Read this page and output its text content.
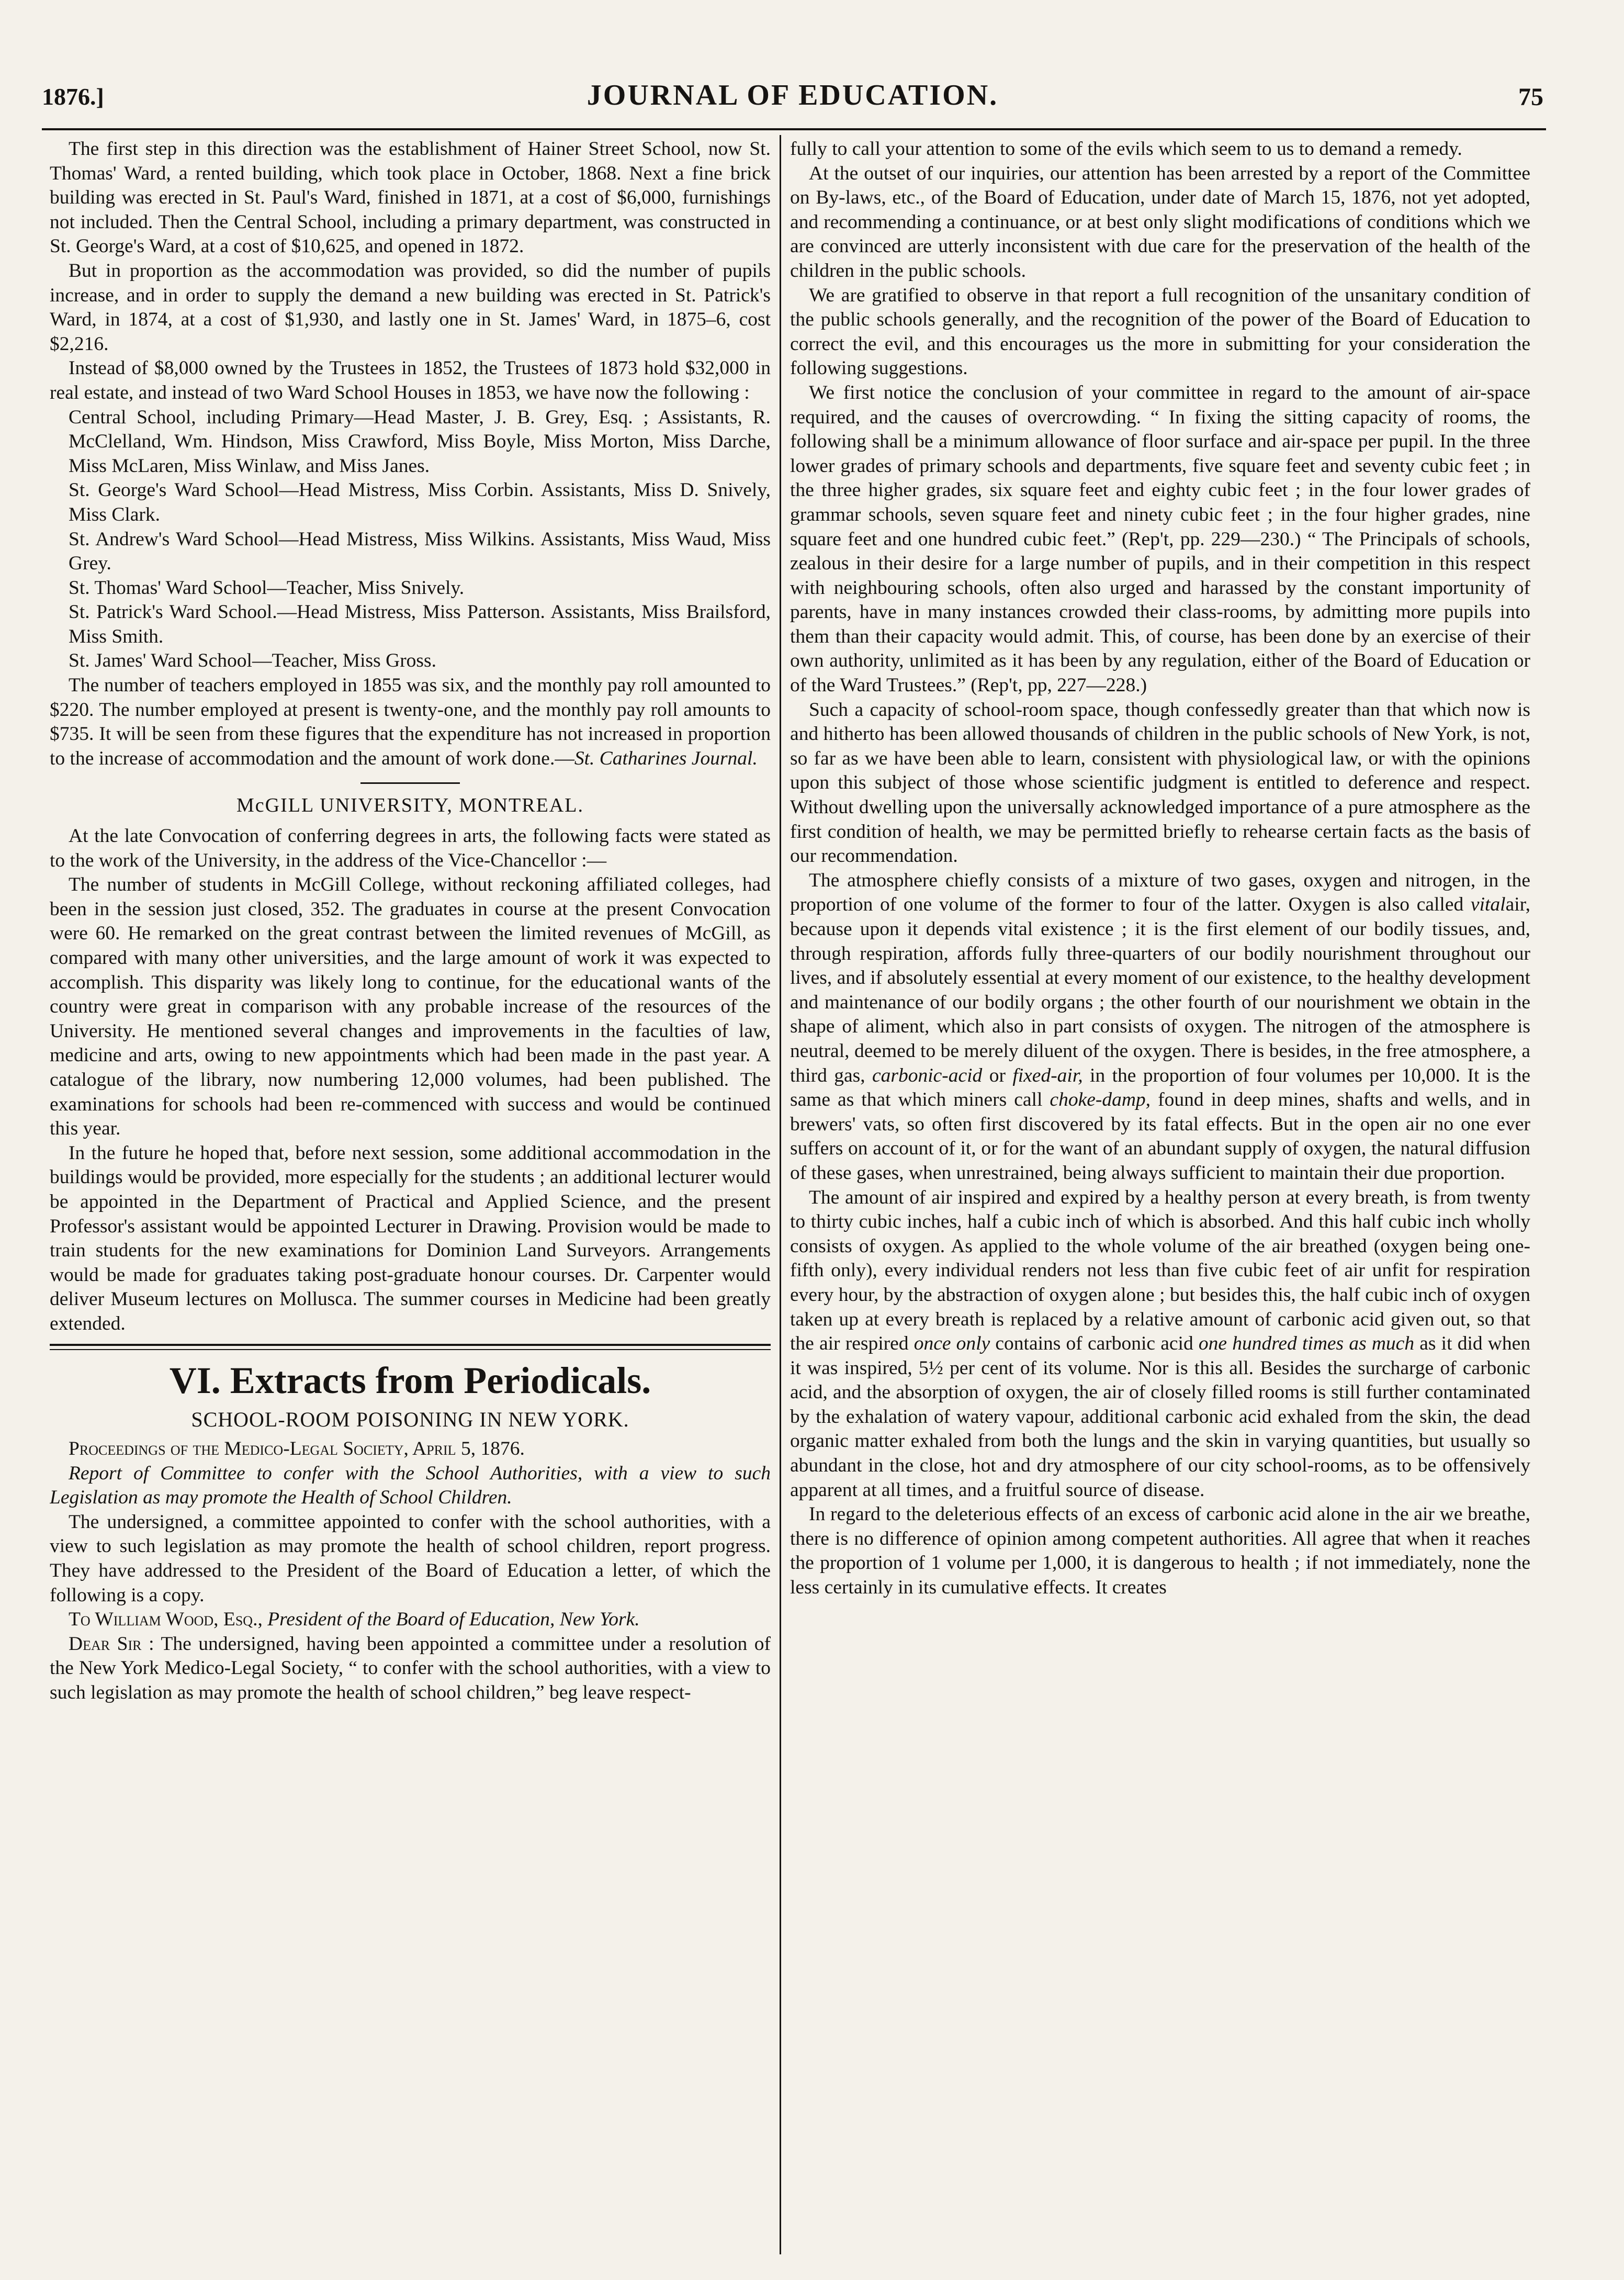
1876.]	JOURNAL OF EDUCATION.	75

The first step in this direction was the establishment of Hainer Street School, now St. Thomas' Ward, a rented building, which took place in October, 1868. Next a fine brick building was erected in St. Paul's Ward, finished in 1871, at a cost of $6,000, furnishings not included. Then the Central School, including a primary department, was constructed in St. George's Ward, at a cost of $10,625, and opened in 1872.

But in proportion as the accommodation was provided, so did the number of pupils increase, and in order to supply the demand a new building was erected in St. Patrick's Ward, in 1874, at a cost of $1,930, and lastly one in St. James' Ward, in 1875–6, cost $2,216.

Instead of $8,000 owned by the Trustees in 1852, the Trustees of 1873 hold $32,000 in real estate, and instead of two Ward School Houses in 1853, we have now the following :

Central School, including Primary—Head Master, J. B. Grey, Esq. ; Assistants, R. McClelland, Wm. Hindson, Miss Crawford, Miss Boyle, Miss Morton, Miss Darche, Miss McLaren, Miss Winlaw, and Miss Janes.

St. George's Ward School—Head Mistress, Miss Corbin. Assistants, Miss D. Snively, Miss Clark.

St. Andrew's Ward School—Head Mistress, Miss Wilkins. Assistants, Miss Waud, Miss Grey.

St. Thomas' Ward School—Teacher, Miss Snively.

St. Patrick's Ward School.—Head Mistress, Miss Patterson. Assistants, Miss Brailsford, Miss Smith.

St. James' Ward School—Teacher, Miss Gross.

The number of teachers employed in 1855 was six, and the monthly pay roll amounted to $220. The number employed at present is twenty-one, and the monthly pay roll amounts to $735. It will be seen from these figures that the expenditure has not increased in proportion to the increase of accommodation and the amount of work done.—St. Catharines Journal.

McGILL UNIVERSITY, MONTREAL.

At the late Convocation of conferring degrees in arts, the following facts were stated as to the work of the University, in the address of the Vice-Chancellor :—

The number of students in McGill College, without reckoning affiliated colleges, had been in the session just closed, 352. The graduates in course at the present Convocation were 60. He remarked on the great contrast between the limited revenues of McGill, as compared with many other universities, and the large amount of work it was expected to accomplish. This disparity was likely long to continue, for the educational wants of the country were great in comparison with any probable increase of the resources of the University. He mentioned several changes and improvements in the faculties of law, medicine and arts, owing to new appointments which had been made in the past year. A catalogue of the library, now numbering 12,000 volumes, had been published. The examinations for schools had been re-commenced with success and would be continued this year.

In the future he hoped that, before next session, some additional accommodation in the buildings would be provided, more especially for the students ; an additional lecturer would be appointed in the Department of Practical and Applied Science, and the present Professor's assistant would be appointed Lecturer in Drawing. Provision would be made to train students for the new examinations for Dominion Land Surveyors. Arrangements would be made for graduates taking post-graduate honour courses. Dr. Carpenter would deliver Museum lectures on Mollusca. The summer courses in Medicine had been greatly extended.

VI. Extracts from Periodicals.
SCHOOL-ROOM POISONING IN NEW YORK.

Proceedings of the Medico-Legal Society, April 5, 1876.

Report of Committee to confer with the School Authorities, with a view to such Legislation as may promote the Health of School Children.

The undersigned, a committee appointed to confer with the school authorities, with a view to such legislation as may promote the health of school children, report progress. They have addressed to the President of the Board of Education a letter, of which the following is a copy.

To William Wood, Esq., President of the Board of Education, New York.

Dear Sir : The undersigned, having been appointed a committee under a resolution of the New York Medico-Legal Society, “ to confer with the school authorities, with a view to such legislation as may promote the health of school children,” beg leave respect-

fully to call your attention to some of the evils which seem to us to demand a remedy.

At the outset of our inquiries, our attention has been arrested by a report of the Committee on By-laws, etc., of the Board of Education, under date of March 15, 1876, not yet adopted, and recommending a continuance, or at best only slight modifications of conditions which we are convinced are utterly inconsistent with due care for the preservation of the health of the children in the public schools.

We are gratified to observe in that report a full recognition of the unsanitary condition of the public schools generally, and the recognition of the power of the Board of Education to correct the evil, and this encourages us the more in submitting for your consideration the following suggestions.

We first notice the conclusion of your committee in regard to the amount of air-space required, and the causes of overcrowding. “ In fixing the sitting capacity of rooms, the following shall be a minimum allowance of floor surface and air-space per pupil. In the three lower grades of primary schools and departments, five square feet and seventy cubic feet ; in the three higher grades, six square feet and eighty cubic feet ; in the four lower grades of grammar schools, seven square feet and ninety cubic feet ; in the four higher grades, nine square feet and one hundred cubic feet.” (Rep't, pp. 229—230.) “ The Principals of schools, zealous in their desire for a large number of pupils, and in their competition in this respect with neighbouring schools, often also urged and harassed by the constant importunity of parents, have in many instances crowded their class-rooms, by admitting more pupils into them than their capacity would admit. This, of course, has been done by an exercise of their own authority, unlimited as it has been by any regulation, either of the Board of Education or of the Ward Trustees.” (Rep't, pp, 227—228.)

Such a capacity of school-room space, though confessedly greater than that which now is and hitherto has been allowed thousands of children in the public schools of New York, is not, so far as we have been able to learn, consistent with physiological law, or with the opinions upon this subject of those whose scientific judgment is entitled to deference and respect. Without dwelling upon the universally acknowledged importance of a pure atmosphere as the first condition of health, we may be permitted briefly to rehearse certain facts as the basis of our recommendation.

The atmosphere chiefly consists of a mixture of two gases, oxygen and nitrogen, in the proportion of one volume of the former to four of the latter. Oxygen is also called vitalair, because upon it depends vital existence ; it is the first element of our bodily tissues, and, through respiration, affords fully three-quarters of our bodily nourishment throughout our lives, and if absolutely essential at every moment of our existence, to the healthy development and maintenance of our bodily organs ; the other fourth of our nourishment we obtain in the shape of aliment, which also in part consists of oxygen. The nitrogen of the atmosphere is neutral, deemed to be merely diluent of the oxygen. There is besides, in the free atmosphere, a third gas, carbonic-acid or fixed-air, in the proportion of four volumes per 10,000. It is the same as that which miners call choke-damp, found in deep mines, shafts and wells, and in brewers' vats, so often first discovered by its fatal effects. But in the open air no one ever suffers on account of it, or for the want of an abundant supply of oxygen, the natural diffusion of these gases, when unrestrained, being always sufficient to maintain their due proportion.

The amount of air inspired and expired by a healthy person at every breath, is from twenty to thirty cubic inches, half a cubic inch of which is absorbed. And this half cubic inch wholly consists of oxygen. As applied to the whole volume of the air breathed (oxygen being one-fifth only), every individual renders not less than five cubic feet of air unfit for respiration every hour, by the abstraction of oxygen alone ; but besides this, the half cubic inch of oxygen taken up at every breath is replaced by a relative amount of carbonic acid given out, so that the air respired once only contains of carbonic acid one hundred times as much as it did when it was inspired, 5½ per cent of its volume. Nor is this all. Besides the surcharge of carbonic acid, and the absorption of oxygen, the air of closely filled rooms is still further contaminated by the exhalation of watery vapour, additional carbonic acid exhaled from the skin, the dead organic matter exhaled from both the lungs and the skin in varying quantities, but usually so abundant in the close, hot and dry atmosphere of our city school-rooms, as to be offensively apparent at all times, and a fruitful source of disease.

In regard to the deleterious effects of an excess of carbonic acid alone in the air we breathe, there is no difference of opinion among competent authorities. All agree that when it reaches the proportion of 1 volume per 1,000, it is dangerous to health ; if not immediately, none the less certainly in its cumulative effects. It creates
